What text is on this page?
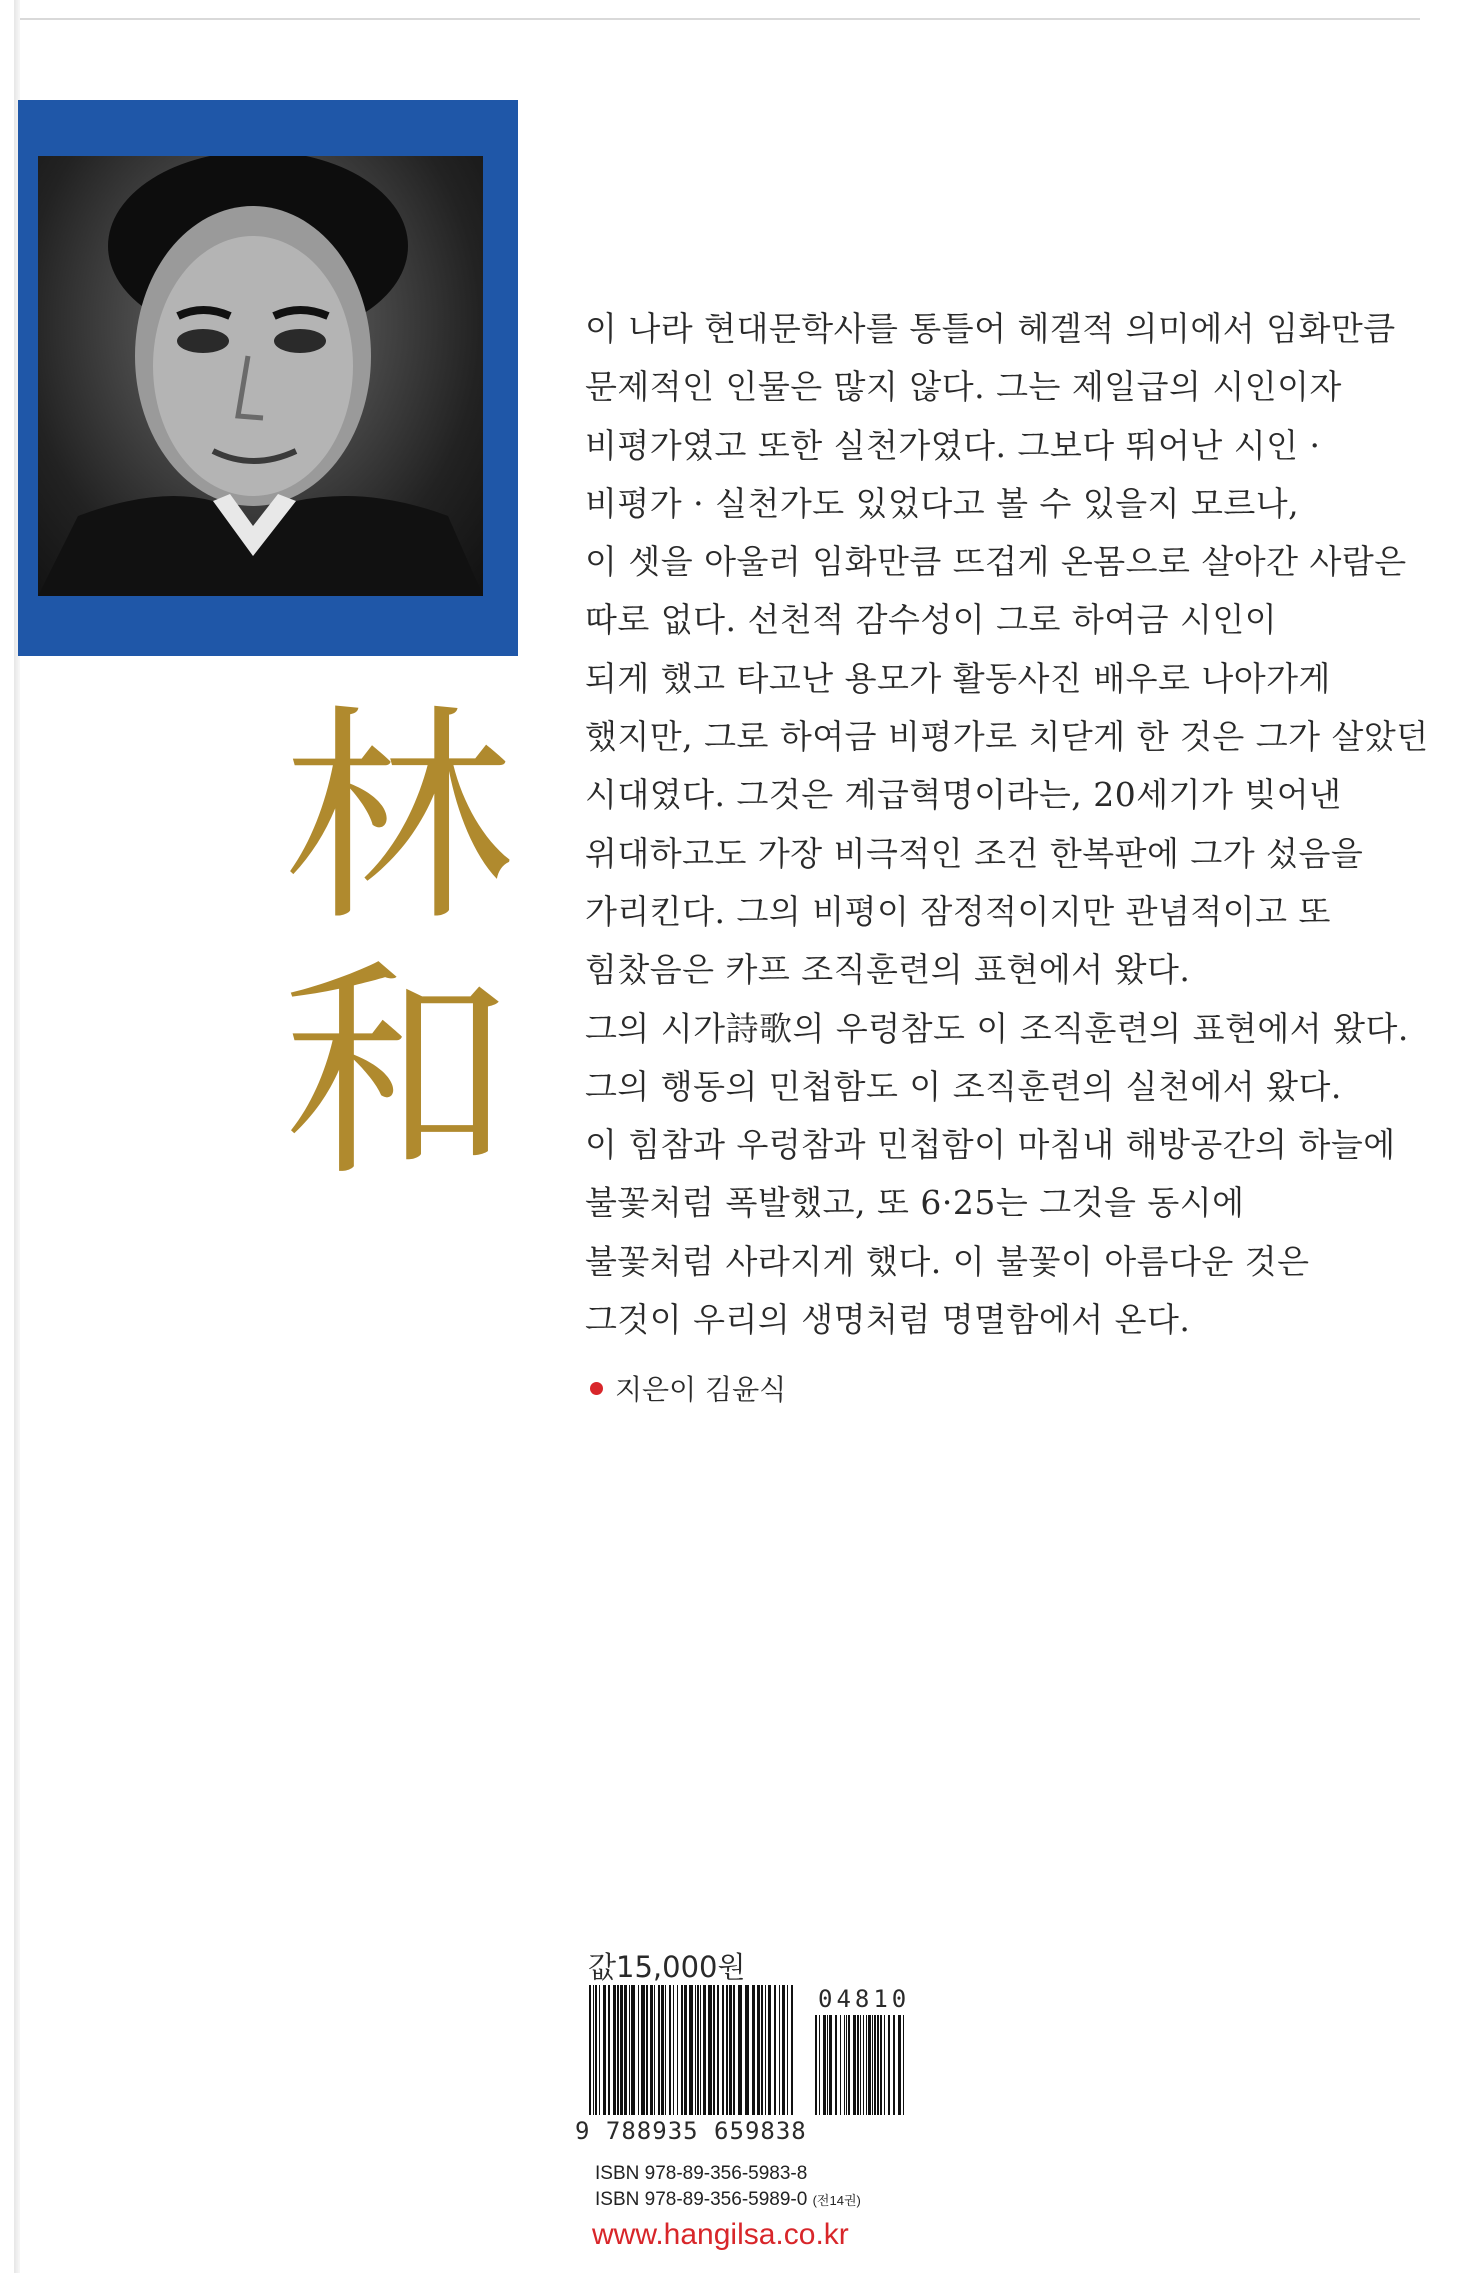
林
和
이 나라 현대문학사를 통틀어 헤겔적 의미에서 임화만큼
문제적인 인물은 많지 않다. 그는 제일급의 시인이자
비평가였고 또한 실천가였다. 그보다 뛰어난 시인 ·
비평가 · 실천가도 있었다고 볼 수 있을지 모르나,
이 셋을 아울러 임화만큼 뜨겁게 온몸으로 살아간 사람은
따로 없다. 선천적 감수성이 그로 하여금 시인이
되게 했고 타고난 용모가 활동사진 배우로 나아가게
했지만, 그로 하여금 비평가로 치닫게 한 것은 그가 살았던
시대였다. 그것은 계급혁명이라는, 20세기가 빚어낸
위대하고도 가장 비극적인 조건 한복판에 그가 섰음을
가리킨다. 그의 비평이 잠정적이지만 관념적이고 또
힘찼음은 카프 조직훈련의 표현에서 왔다.
그의 시가詩歌의 우렁참도 이 조직훈련의 표현에서 왔다.
그의 행동의 민첩함도 이 조직훈련의 실천에서 왔다.
이 힘참과 우렁참과 민첩함이 마침내 해방공간의 하늘에
불꽃처럼 폭발했고, 또 6·25는 그것을 동시에
불꽃처럼 사라지게 했다. 이 불꽃이 아름다운 것은
그것이 우리의 생명처럼 명멸함에서 온다.
지은이 김윤식
값15,000원
9 788935 659838
04810
ISBN 978-89-356-5983-8
ISBN 978-89-356-5989-0 (전14권)
www.hangilsa.co.kr
